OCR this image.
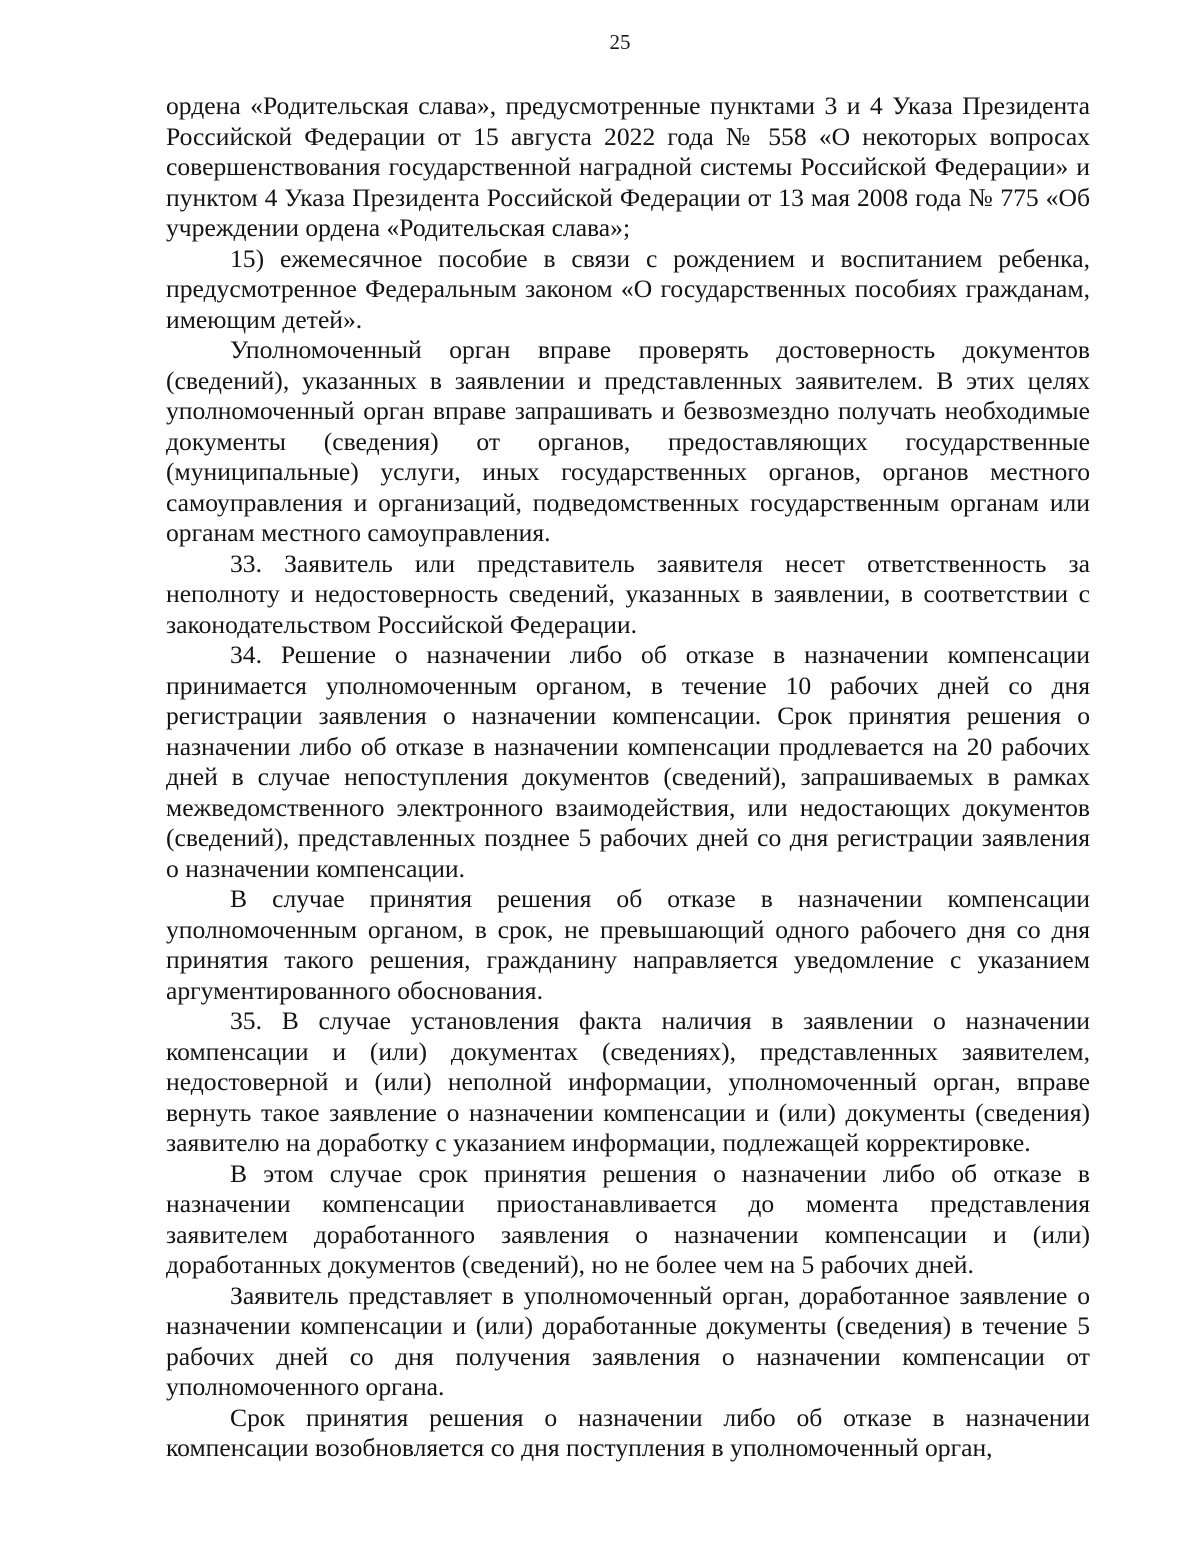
25

ордена «Родительская слава», предусмотренные пунктами 3 и 4 Указа Президента Российской Федерации от 15 августа 2022 года № 558 «О некоторых вопросах совершенствования государственной наградной системы Российской Федерации» и пунктом 4 Указа Президента Российской Федерации от 13 мая 2008 года № 775 «Об учреждении ордена «Родительская слава»;

15) ежемесячное пособие в связи с рождением и воспитанием ребенка, предусмотренное Федеральным законом «О государственных пособиях гражданам, имеющим детей».

Уполномоченный орган вправе проверять достоверность документов (сведений), указанных в заявлении и представленных заявителем. В этих целях уполномоченный орган вправе запрашивать и безвозмездно получать необходимые документы (сведения) от органов, предоставляющих государственные (муниципальные) услуги, иных государственных органов, органов местного самоуправления и организаций, подведомственных государственным органам или органам местного самоуправления.

33. Заявитель или представитель заявителя несет ответственность за неполноту и недостоверность сведений, указанных в заявлении, в соответствии с законодательством Российской Федерации.

34. Решение о назначении либо об отказе в назначении компенсации принимается уполномоченным органом, в течение 10 рабочих дней со дня регистрации заявления о назначении компенсации. Срок принятия решения о назначении либо об отказе в назначении компенсации продлевается на 20 рабочих дней в случае непоступления документов (сведений), запрашиваемых в рамках межведомственного электронного взаимодействия, или недостающих документов (сведений), представленных позднее 5 рабочих дней со дня регистрации заявления о назначении компенсации.

В случае принятия решения об отказе в назначении компенсации уполномоченным органом, в срок, не превышающий одного рабочего дня со дня принятия такого решения, гражданину направляется уведомление с указанием аргументированного обоснования.

35. В случае установления факта наличия в заявлении о назначении компенсации и (или) документах (сведениях), представленных заявителем, недостоверной и (или) неполной информации, уполномоченный орган, вправе вернуть такое заявление о назначении компенсации и (или) документы (сведения) заявителю на доработку с указанием информации, подлежащей корректировке.

В этом случае срок принятия решения о назначении либо об отказе в назначении компенсации приостанавливается до момента представления заявителем доработанного заявления о назначении компенсации и (или) доработанных документов (сведений), но не более чем на 5 рабочих дней.

Заявитель представляет в уполномоченный орган, доработанное заявление о назначении компенсации и (или) доработанные документы (сведения) в течение 5 рабочих дней со дня получения заявления о назначении компенсации от уполномоченного органа.

Срок принятия решения о назначении либо об отказе в назначении компенсации возобновляется со дня поступления в уполномоченный орган,
